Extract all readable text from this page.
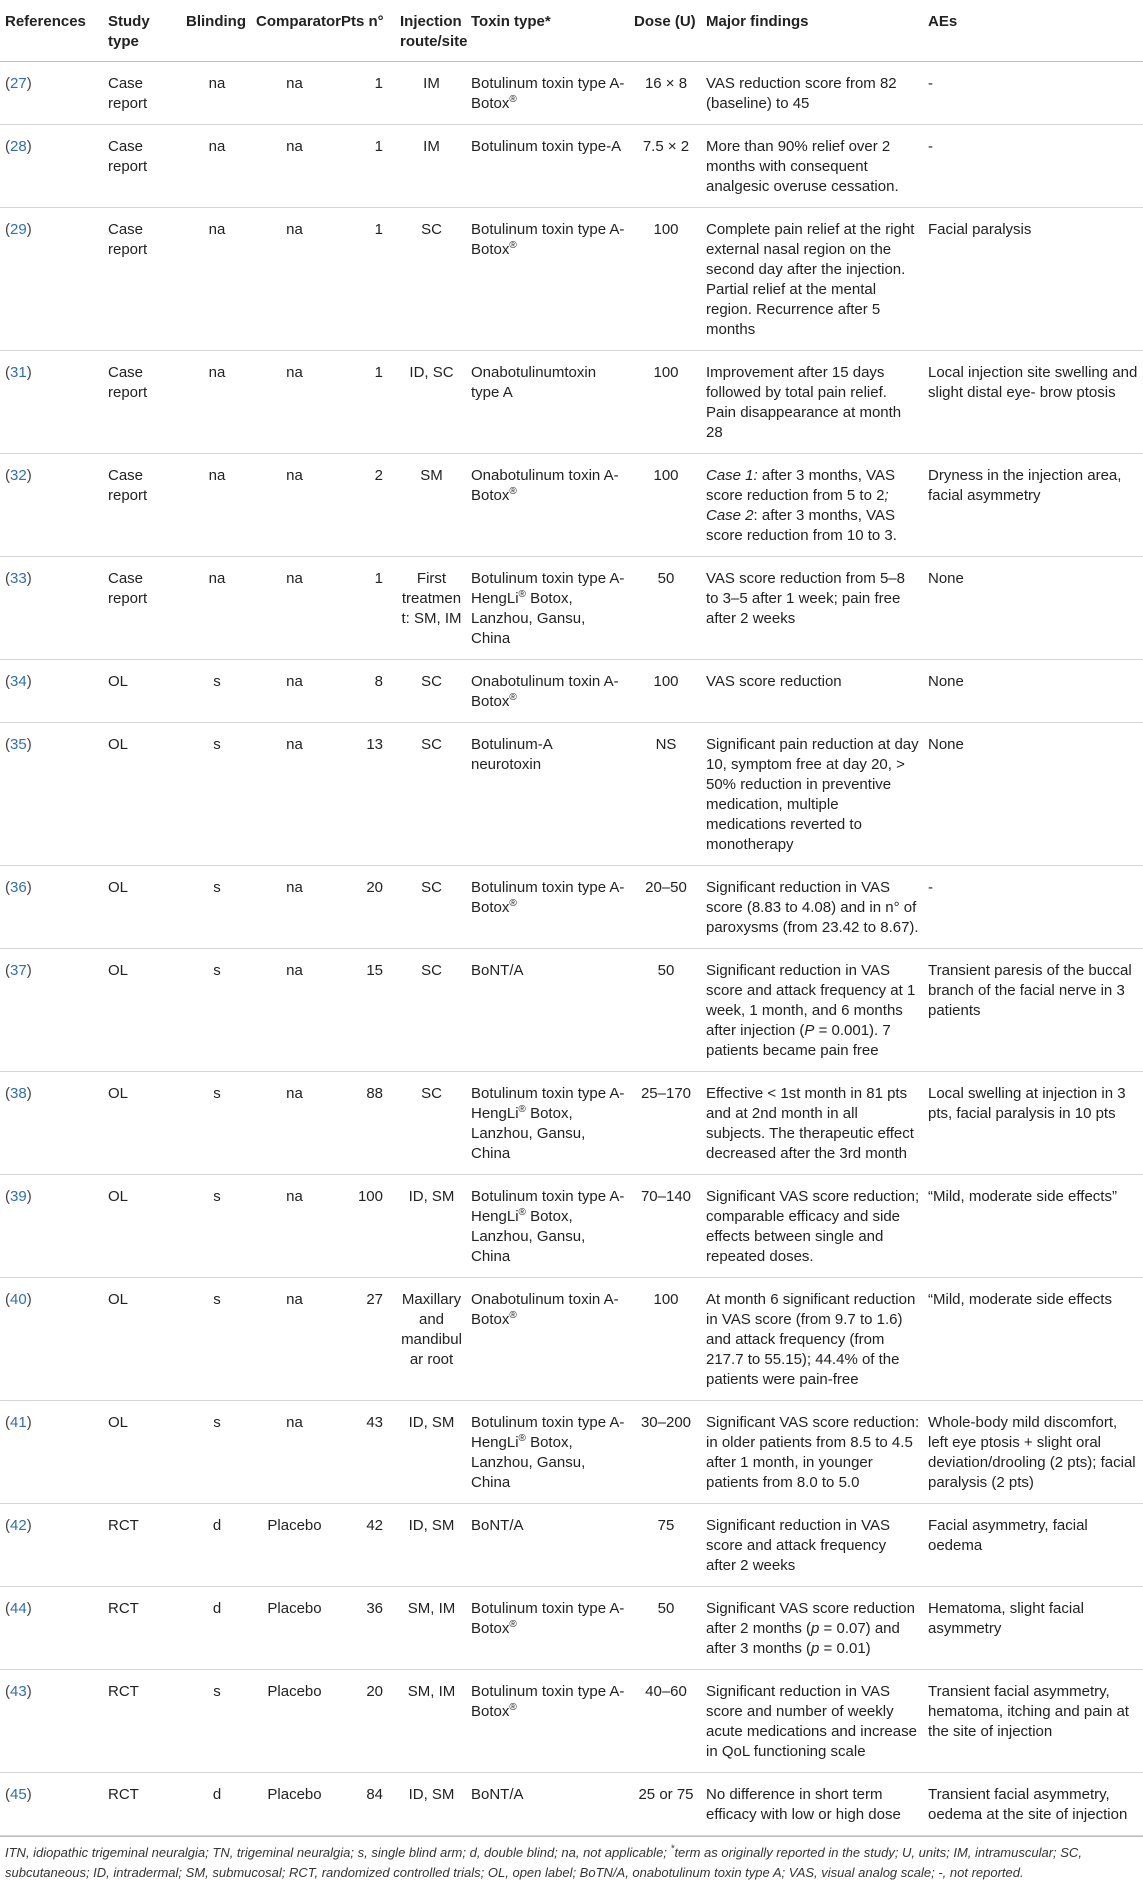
References	Study type	Blinding	Comparator	Pts n°	Injection route/site	Toxin type*	Dose (U)	Major findings	AEs
(27)	Case report	na	na	1	IM	Botulinum toxin type A-Botox®	16 × 8	VAS reduction score from 82 (baseline) to 45	-
(28)	Case report	na	na	1	IM	Botulinum toxin type-A	7.5 × 2	More than 90% relief over 2 months with consequent analgesic overuse cessation.	-
(29)	Case report	na	na	1	SC	Botulinum toxin type A-Botox®	100	Complete pain relief at the right external nasal region on the second day after the injection. Partial relief at the mental region. Recurrence after 5 months	Facial paralysis
(31)	Case report	na	na	1	ID, SC	Onabotulinumtoxin type A	100	Improvement after 15 days followed by total pain relief. Pain disappearance at month 28	Local injection site swelling and slight distal eye- brow ptosis
(32)	Case report	na	na	2	SM	Onabotulinum toxin A-Botox®	100	Case 1: after 3 months, VAS score reduction from 5 to 2; Case 2: after 3 months, VAS score reduction from 10 to 3.	Dryness in the injection area, facial asymmetry
(33)	Case report	na	na	1	First treatment: SM, IM	Botulinum toxin type A-HengLi® Botox, Lanzhou, Gansu, China	50	VAS score reduction from 5–8 to 3–5 after 1 week; pain free after 2 weeks	None
(34)	OL	s	na	8	SC	Onabotulinum toxin A-Botox®	100	VAS score reduction	None
(35)	OL	s	na	13	SC	Botulinum-A neurotoxin	NS	Significant pain reduction at day 10, symptom free at day 20, > 50% reduction in preventive medication, multiple medications reverted to monotherapy	None
(36)	OL	s	na	20	SC	Botulinum toxin type A-Botox®	20–50	Significant reduction in VAS score (8.83 to 4.08) and in n° of paroxysms (from 23.42 to 8.67).	-
(37)	OL	s	na	15	SC	BoNT/A	50	Significant reduction in VAS score and attack frequency at 1 week, 1 month, and 6 months after injection (P = 0.001). 7 patients became pain free	Transient paresis of the buccal branch of the facial nerve in 3 patients
(38)	OL	s	na	88	SC	Botulinum toxin type A-HengLi® Botox, Lanzhou, Gansu, China	25–170	Effective < 1st month in 81 pts and at 2nd month in all subjects. The therapeutic effect decreased after the 3rd month	Local swelling at injection in 3 pts, facial paralysis in 10 pts
(39)	OL	s	na	100	ID, SM	Botulinum toxin type A-HengLi® Botox, Lanzhou, Gansu, China	70–140	Significant VAS score reduction; comparable efficacy and side effects between single and repeated doses.	“Mild, moderate side effects”
(40)	OL	s	na	27	Maxillary and mandibular root	Onabotulinum toxin A-Botox®	100	At month 6 significant reduction in VAS score (from 9.7 to 1.6) and attack frequency (from 217.7 to 55.15); 44.4% of the patients were pain-free	“Mild, moderate side effects
(41)	OL	s	na	43	ID, SM	Botulinum toxin type A-HengLi® Botox, Lanzhou, Gansu, China	30–200	Significant VAS score reduction: in older patients from 8.5 to 4.5 after 1 month, in younger patients from 8.0 to 5.0	Whole-body mild discomfort, left eye ptosis + slight oral deviation/drooling (2 pts); facial paralysis (2 pts)
(42)	RCT	d	Placebo	42	ID, SM	BoNT/A	75	Significant reduction in VAS score and attack frequency after 2 weeks	Facial asymmetry, facial oedema
(44)	RCT	d	Placebo	36	SM, IM	Botulinum toxin type A-Botox®	50	Significant VAS score reduction after 2 months (p = 0.07) and after 3 months (p = 0.01)	Hematoma, slight facial asymmetry
(43)	RCT	s	Placebo	20	SM, IM	Botulinum toxin type A-Botox®	40–60	Significant reduction in VAS score and number of weekly acute medications and increase in QoL functioning scale	Transient facial asymmetry, hematoma, itching and pain at the site of injection
(45)	RCT	d	Placebo	84	ID, SM	BoNT/A	25 or 75	No difference in short term efficacy with low or high dose	Transient facial asymmetry, oedema at the site of injection
ITN, idiopathic trigeminal neuralgia; TN, trigeminal neuralgia; s, single blind arm; d, double blind; na, not applicable; *term as originally reported in the study; U, units; IM, intramuscular; SC, subcutaneous; ID, intradermal; SM, submucosal; RCT, randomized controlled trials; OL, open label; BoTN/A, onabotulinum toxin type A; VAS, visual analog scale; -, not reported.
